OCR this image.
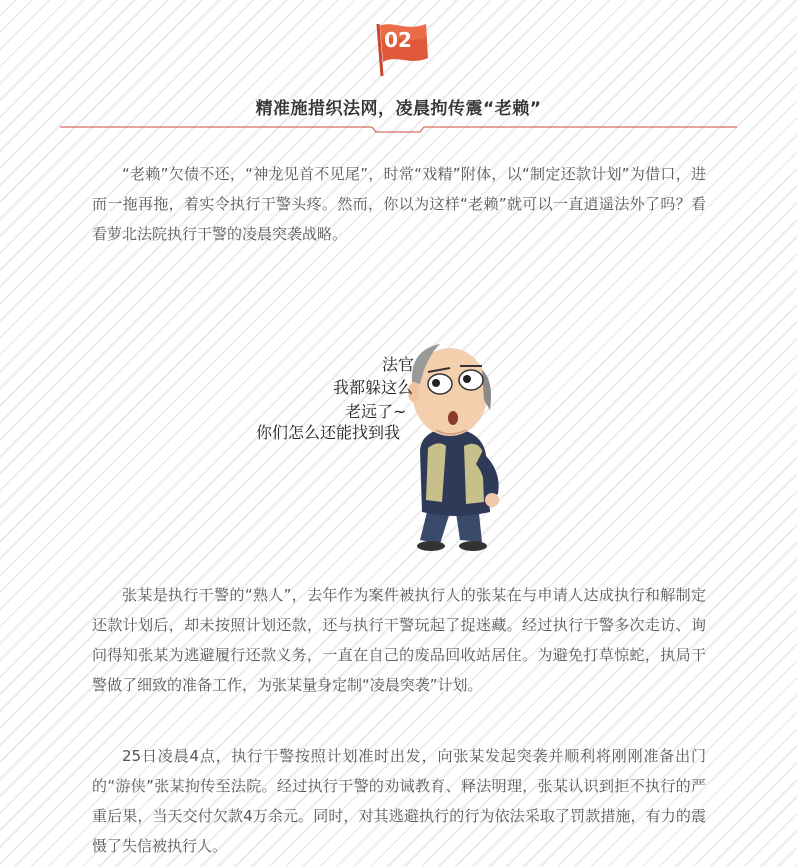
02
精准施措织法网，凌晨拘传震“老赖”

“老赖”欠债不还，“神龙见首不见尾”，时常“戏精”附体，以“制定还款计划”为借口，进而一拖再拖，着实令执行干警头疼。然而，你以为这样“老赖”就可以一直逍遥法外了吗？看看萝北法院执行干警的凌晨突袭战略。

法官
我都躲这么
老远了~
你们怎么还能找到我

张某是执行干警的“熟人”，去年作为案件被执行人的张某在与申请人达成执行和解制定还款计划后，却未按照计划还款，还与执行干警玩起了捉迷藏。经过执行干警多次走访、询问得知张某为逃避履行还款义务，一直在自己的废品回收站居住。为避免打草惊蛇，执局干警做了细致的准备工作，为张某量身定制“凌晨突袭”计划。

25日凌晨4点，执行干警按照计划准时出发，向张某发起突袭并顺利将刚刚准备出门的“游侠”张某拘传至法院。经过执行干警的劝诫教育、释法明理，张某认识到拒不执行的严重后果，当天交付欠款4万余元。同时，对其逃避执行的行为依法采取了罚款措施，有力的震慑了失信被执行人。
